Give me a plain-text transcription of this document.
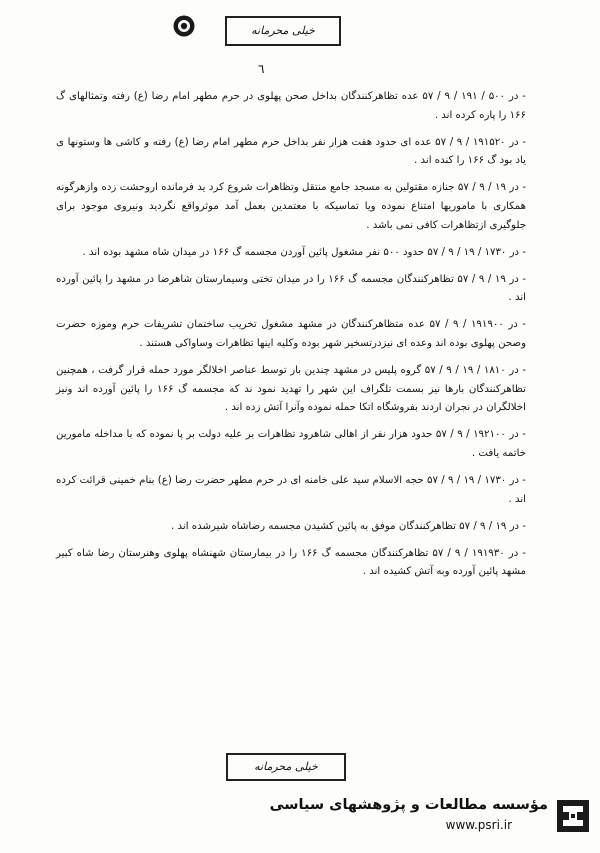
خیلی محرمانه
٦

- در ۵۰۰ / ۱۹۱ / ۹ / ۵۷ عده تظاهرکنندگان بداخل صحن پهلوی در حرم مطهر امام رضا (ع) رفته وتمثالهای گ ۱۶۶ را پاره کرده اند .

- در ۱۹۱۵۲۰ / ۹ / ۵۷ عده ای حدود هفت هزار نفر بداخل حرم مطهر امام رضا (ع) رفته و کاشی ها وستونها ی یاد بود گ ۱۶۶ را کنده اند .

- در ۱۹ / ۹ / ۵۷ جنازه مقتولین به مسجد جامع منتقل وتظاهرات شروع کرد ید فرمانده اروحشت زده وازهرگونه همکاری با ماموریها امتناع نموده ویا تماسیکه با معتمدین بعمل آمد موثرواقع نگردید ونیروی موجود برای جلوگیری ازتظاهرات کافی نمی باشد .

- در ۱۷۳۰ / ۱۹ / ۹ / ۵۷ حدود ۵۰۰ نفر مشغول پائین آوردن مجسمه گ ۱۶۶ در میدان شاه مشهد بوده اند .

- در ۱۹ / ۹ / ۵۷ تظاهرکنندگان مجسمه گ ۱۶۶ را در میدان تختی وسیمارستان شاهرضا در مشهد را پائین آورده اند .

- در ۱۹۱۹۰۰ / ۹ / ۵۷ عده متظاهرکنندگان در مشهد مشغول تخریب ساختمان تشریفات حرم وموزه حضرت وصحن پهلوی بوده اند وعده ای نیزدرتسخیر شهر بوده وکلیه اینها تظاهرات وساواکی هستند .

- در ۱۸۱۰ / ۱۹ / ۹ / ۵۷ گروه پلیس در مشهد چندین بار توسط عناصر اخلالگر مورد حمله قرار گرفت ، همچنین تظاهرکنندگان بارها نیز بسمت تلگراف این شهر را تهدید نمود ند که مجسمه گ ۱۶۶ را پائین آورده اند ونیز اخلالگران در نجران اردند بفروشگاه اتکا حمله نموده وآنرا آتش زده اند .

- در ۱۹۲۱۰۰ / ۹ / ۵۷ حدود هزار نفر از اهالی شاهرود تظاهرات بر علیه دولت بر پا نموده که با مداخله مامورین خاتمه یافت .

- در ۱۷۳۰ / ۱۹ / ۹ / ۵۷ حجه الاسلام سید علی خامنه ای در حرم مطهر حضرت رضا (ع) بنام خمینی قرائت کرده اند .

- در ۱۹ / ۹ / ۵۷ تظاهرکنندگان موفق به پائین کشیدن مجسمه رضاشاه شیرشده اند .

- در ۱۹۱۹۳۰ / ۹ / ۵۷ تظاهرکنندگان مجسمه گ ۱۶۶ را در بیمارستان شهنشاه پهلوی وهنرستان رضا شاه کبیر مشهد پائین آورده وبه آتش کشیده اند .

خیلی محرمانه
مؤسسه مطالعات و پژوهشهای سیاسی
www.psri.ir
